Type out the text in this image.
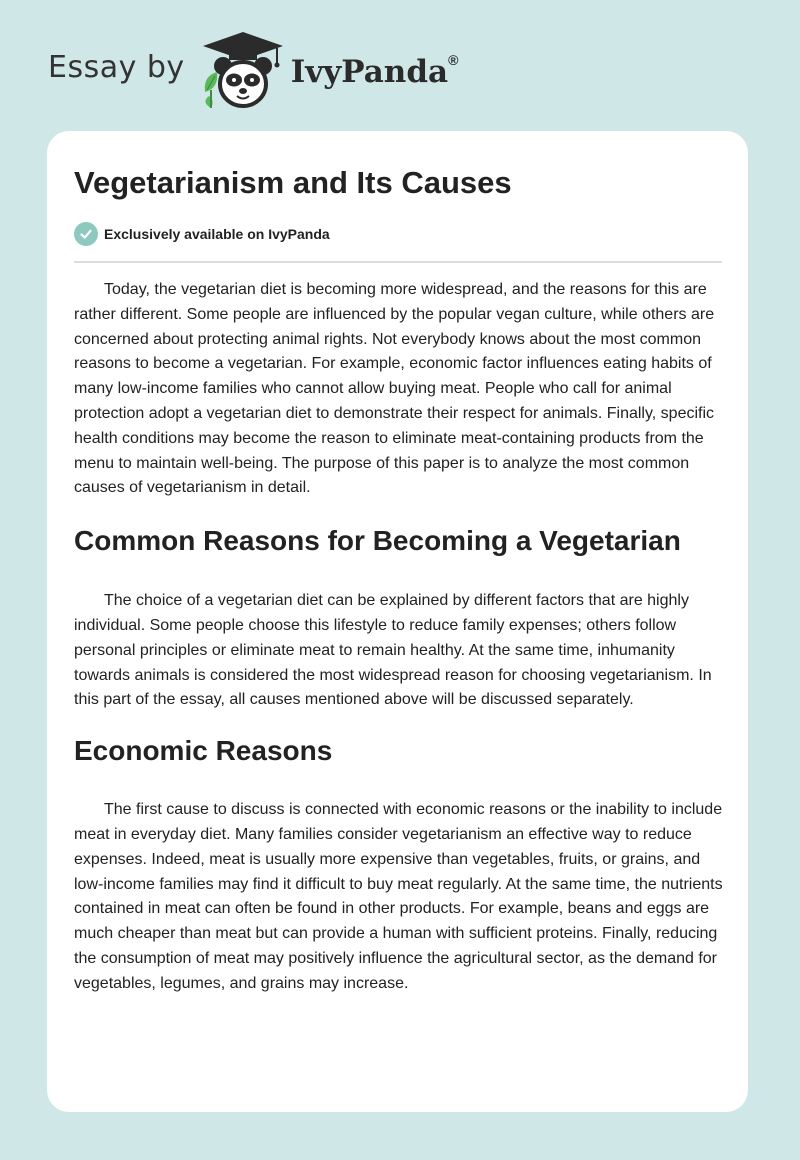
Essay by	IvyPanda®
Vegetarianism and Its Causes
Exclusively available on IvyPanda

Today, the vegetarian diet is becoming more widespread, and the reasons for this are rather different. Some people are influenced by the popular vegan culture, while others are concerned about protecting animal rights. Not everybody knows about the most common reasons to become a vegetarian. For example, economic factor influences eating habits of many low-income families who cannot allow buying meat. People who call for animal protection adopt a vegetarian diet to demonstrate their respect for animals. Finally, specific health conditions may become the reason to eliminate meat-containing products from the menu to maintain well-being. The purpose of this paper is to analyze the most common causes of vegetarianism in detail.

Common Reasons for Becoming a Vegetarian

The choice of a vegetarian diet can be explained by different factors that are highly individual. Some people choose this lifestyle to reduce family expenses; others follow personal principles or eliminate meat to remain healthy. At the same time, inhumanity towards animals is considered the most widespread reason for choosing vegetarianism. In this part of the essay, all causes mentioned above will be discussed separately.

Economic Reasons

The first cause to discuss is connected with economic reasons or the inability to include meat in everyday diet. Many families consider vegetarianism an effective way to reduce expenses. Indeed, meat is usually more expensive than vegetables, fruits, or grains, and low-income families may find it difficult to buy meat regularly. At the same time, the nutrients contained in meat can often be found in other products. For example, beans and eggs are much cheaper than meat but can provide a human with sufficient proteins. Finally, reducing the consumption of meat may positively influence the agricultural sector, as the demand for vegetables, legumes, and grains may increase.
